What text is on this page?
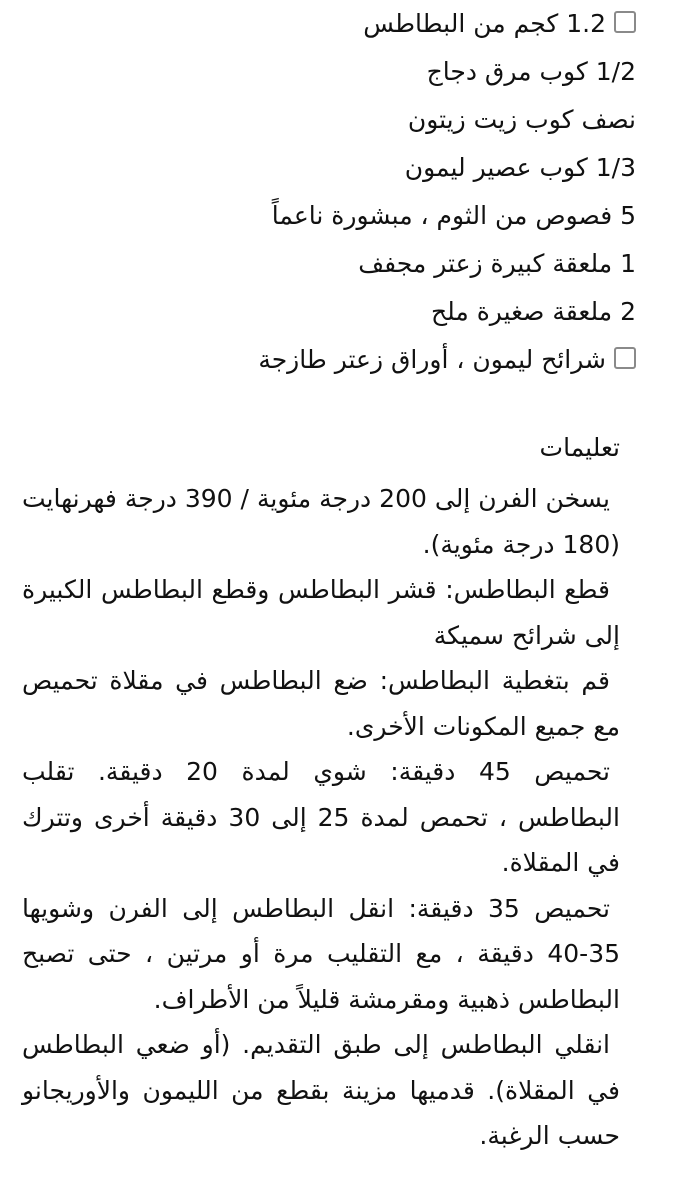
1.2 كجم من البطاطس
1/2 كوب مرق دجاج
نصف كوب زيت زيتون
1/3 كوب عصير ليمون
5 فصوص من الثوم ، مبشورة ناعماً
1 ملعقة كبيرة زعتر مجفف
2 ملعقة صغيرة ملح
شرائح ليمون ، أوراق زعتر طازجة
تعليمات
يسخن الفرن إلى 200 درجة مئوية / 390 درجة فهرنهايت (180 درجة مئوية).
قطع البطاطس: قشر البطاطس وقطع البطاطس الكبيرة إلى شرائح سميكة
قم بتغطية البطاطس: ضع البطاطس في مقلاة تحميص مع جميع المكونات الأخرى.
تحميص 45 دقيقة: شوي لمدة 20 دقيقة. تقلب البطاطس ، تحمص لمدة 25 إلى 30 دقيقة أخرى وتترك في المقلاة.
تحميص 35 دقيقة: انقل البطاطس إلى الفرن وشويها 35-40 دقيقة ، مع التقليب مرة أو مرتين ، حتى تصبح البطاطس ذهبية ومقرمشة قليلاً من الأطراف.
انقلي البطاطس إلى طبق التقديم. (أو ضعي البطاطس في المقلاة). قدميها مزينة بقطع من الليمون والأوريجانو حسب الرغبة.
